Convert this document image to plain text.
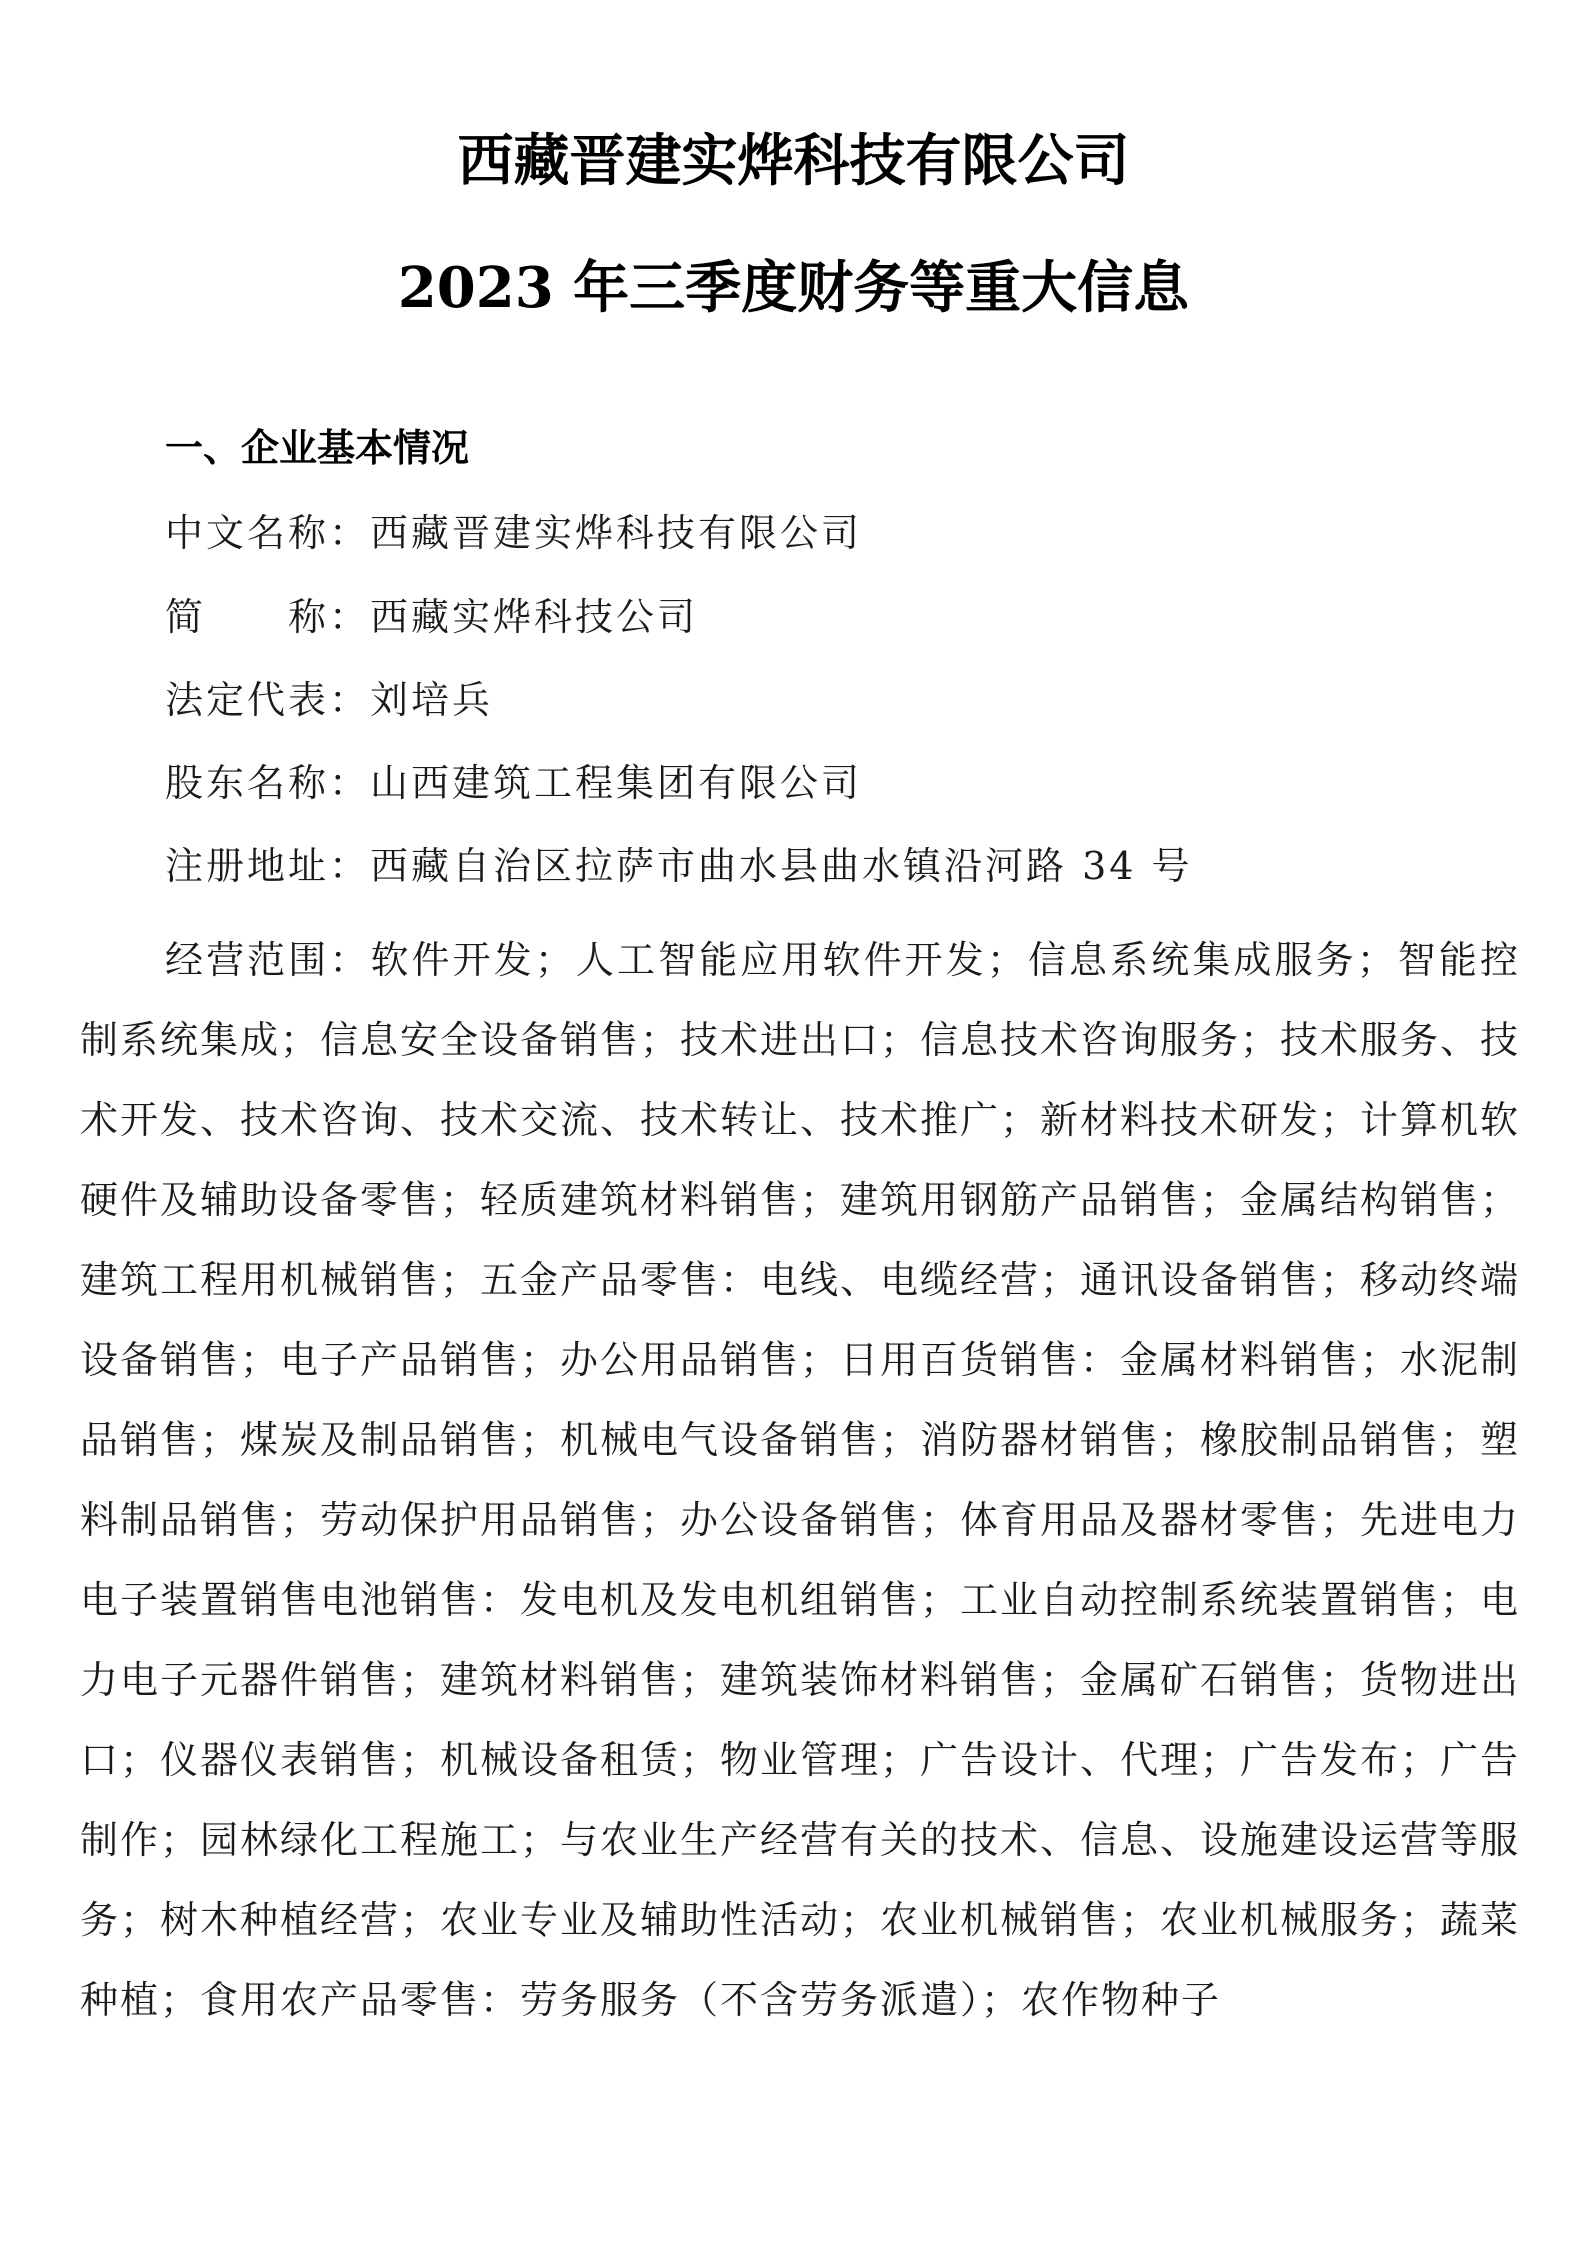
西藏晋建实烨科技有限公司
2023 年三季度财务等重大信息
一、企业基本情况
中文名称：西藏晋建实烨科技有限公司
简　　称：西藏实烨科技公司
法定代表：刘培兵
股东名称：山西建筑工程集团有限公司
注册地址：西藏自治区拉萨市曲水县曲水镇沿河路 34 号

经营范围：软件开发；人工智能应用软件开发；信息系统集成服务；智能控制系统集成；信息安全设备销售；技术进出口；信息技术咨询服务；技术服务、技术开发、技术咨询、技术交流、技术转让、技术推广；新材料技术研发；计算机软硬件及辅助设备零售；轻质建筑材料销售；建筑用钢筋产品销售；金属结构销售；建筑工程用机械销售；五金产品零售：电线、电缆经营；通讯设备销售；移动终端设备销售；电子产品销售；办公用品销售；日用百货销售：金属材料销售；水泥制品销售；煤炭及制品销售；机械电气设备销售；消防器材销售；橡胶制品销售；塑料制品销售；劳动保护用品销售；办公设备销售；体育用品及器材零售；先进电力电子装置销售电池销售：发电机及发电机组销售；工业自动控制系统装置销售；电力电子元器件销售；建筑材料销售；建筑装饰材料销售；金属矿石销售；货物进出口；仪器仪表销售；机械设备租赁；物业管理；广告设计、代理；广告发布；广告制作；园林绿化工程施工；与农业生产经营有关的技术、信息、设施建设运营等服务；树木种植经营；农业专业及辅助性活动；农业机械销售；农业机械服务；蔬菜种植；食用农产品零售：劳务服务（不含劳务派遣）；农作物种子
